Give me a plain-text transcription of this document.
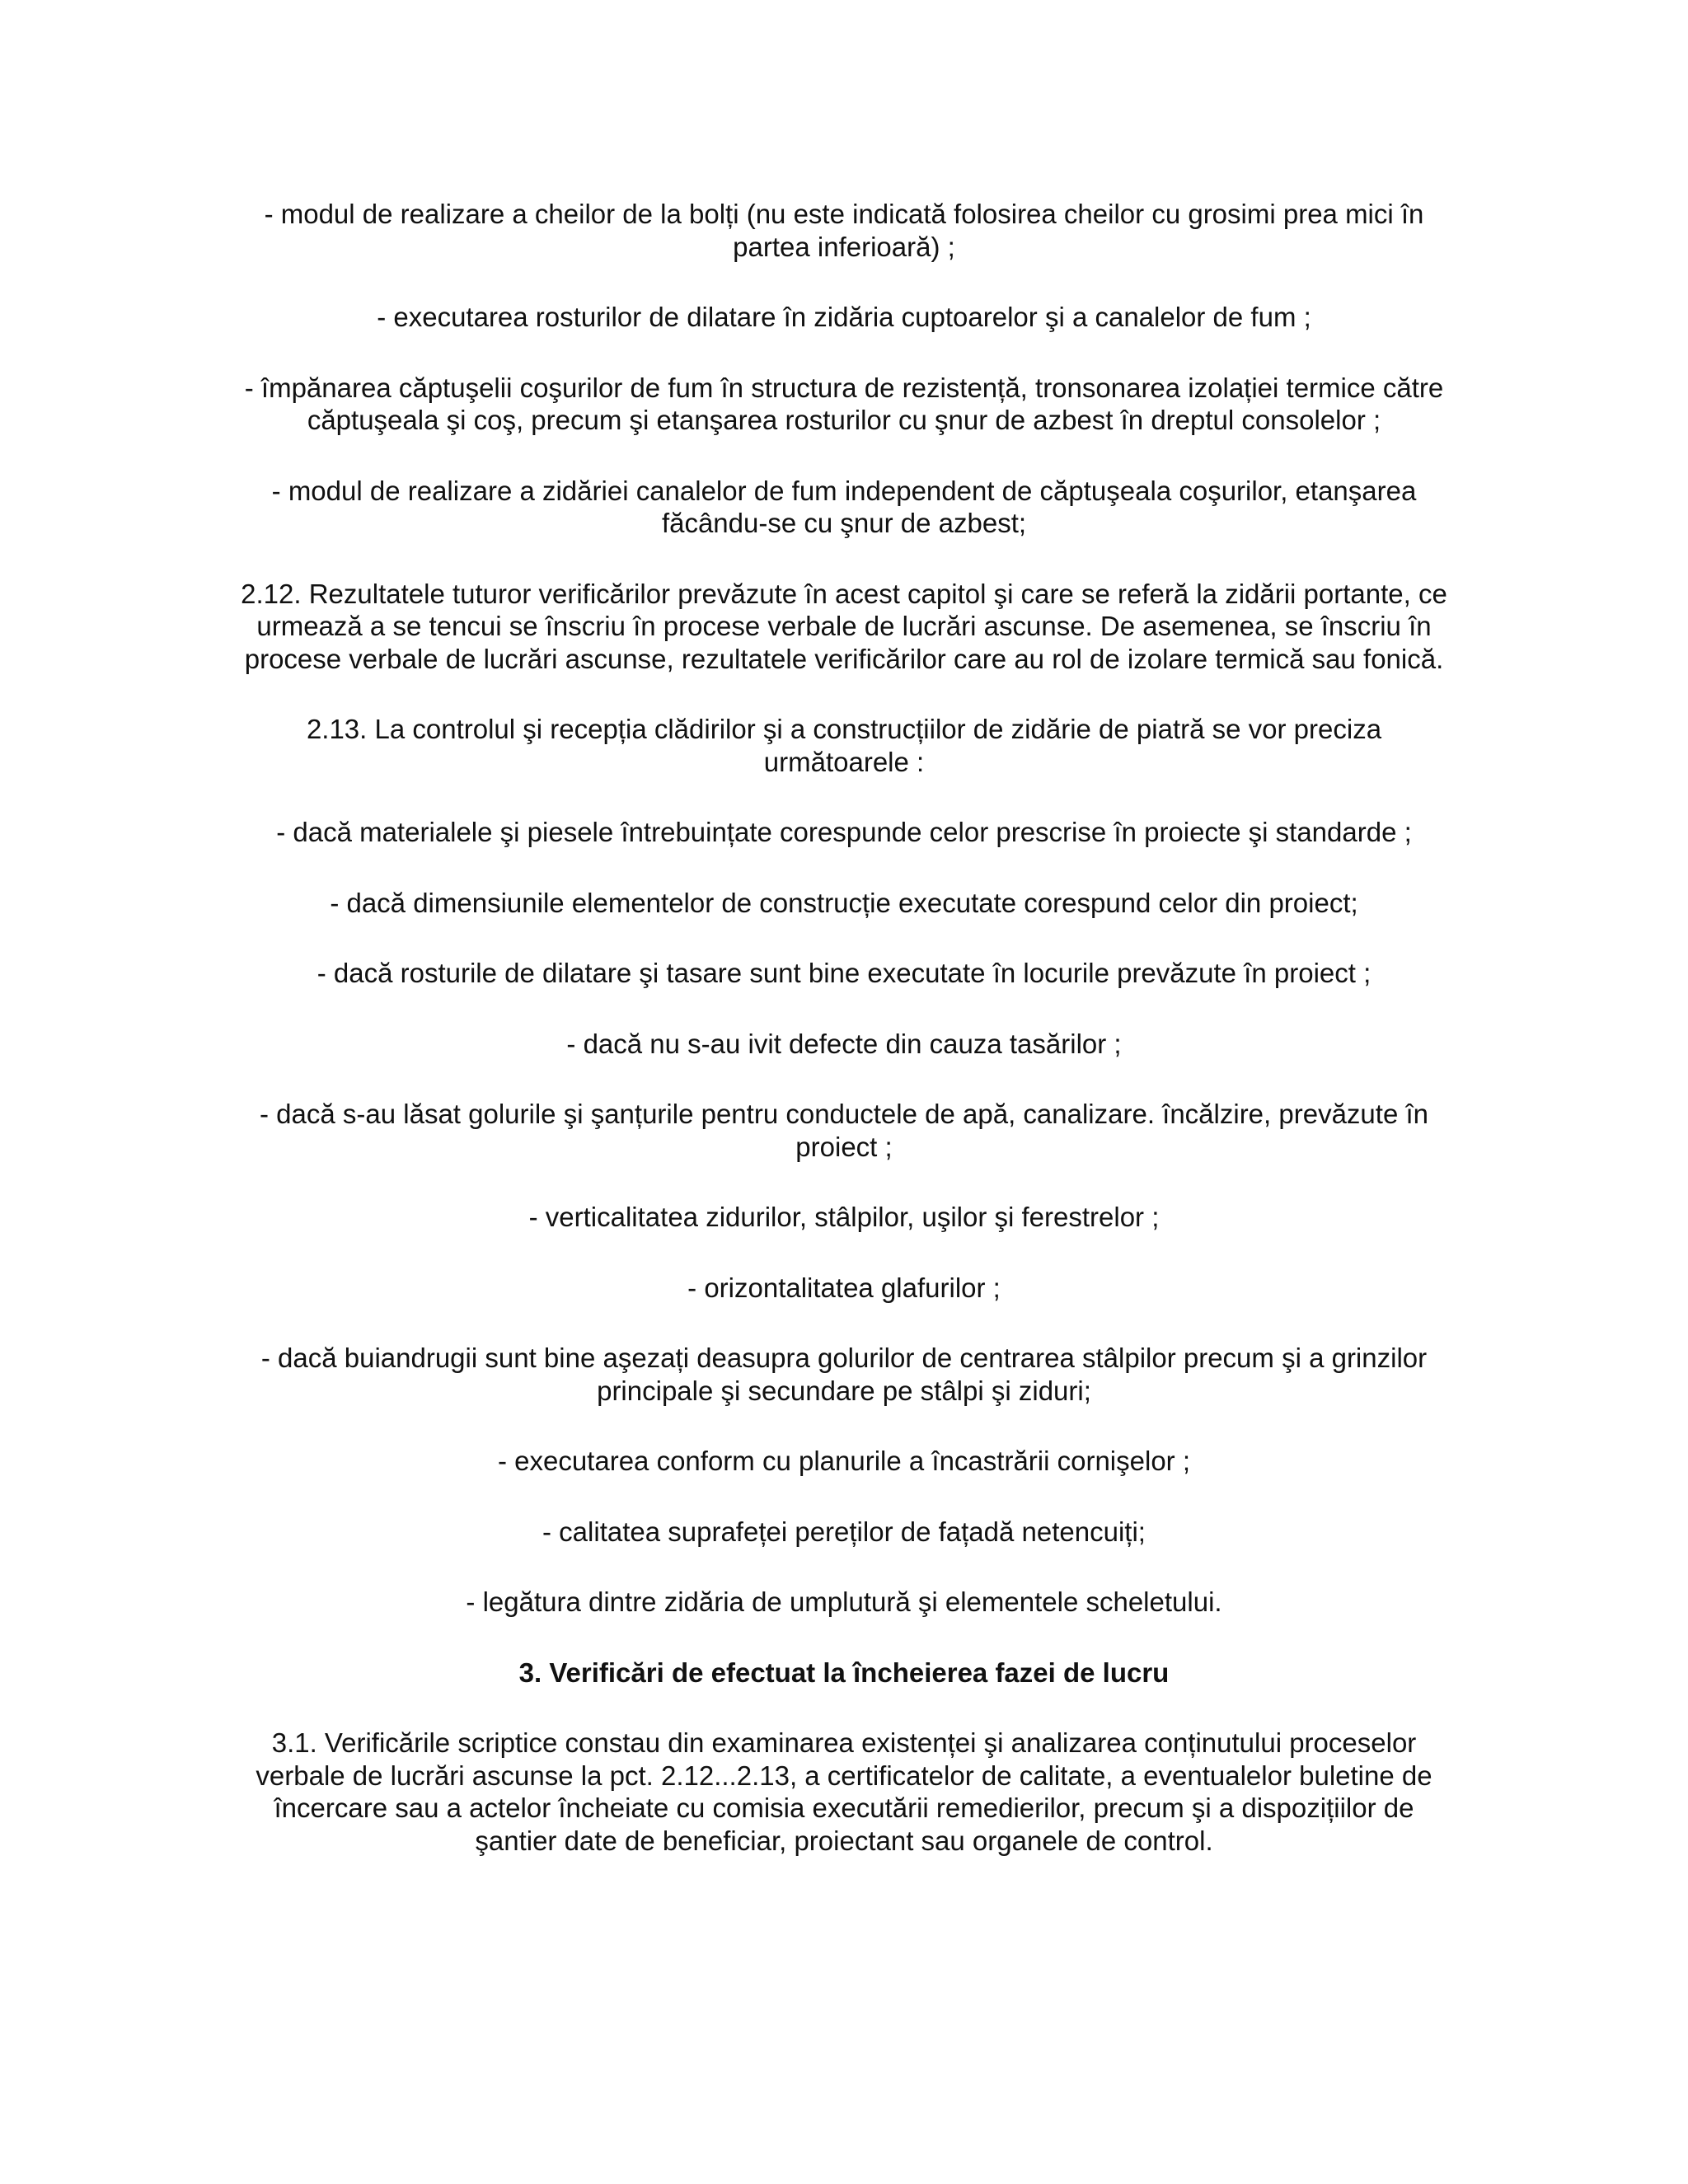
- modul de realizare a cheilor de la bolți (nu este indicată folosirea cheilor cu grosimi prea mici în partea inferioară) ;

- executarea rosturilor de dilatare în zidăria cuptoarelor şi a canalelor de fum ;

- împănarea căptuşelii coşurilor de fum în structura de rezistență, tronsonarea izolației termice către căptuşeala şi coş, precum şi etanşarea rosturilor cu şnur de azbest în dreptul consolelor ;

- modul de realizare a zidăriei canalelor de fum independent de căptuşeala coşurilor, etanşarea făcându-se cu şnur de azbest;

2.12. Rezultatele tuturor verificărilor prevăzute în acest capitol şi care se referă la zidării portante, ce urmează a se tencui se înscriu în procese verbale de lucrări ascunse. De asemenea, se înscriu în procese verbale de lucrări ascunse, rezultatele verificărilor care au rol de izolare termică sau fonică.

2.13. La controlul şi recepția clădirilor şi a construcțiilor de zidărie de piatră se vor preciza următoarele :

- dacă materialele şi piesele întrebuințate corespunde celor prescrise în proiecte şi standarde ;

- dacă dimensiunile elementelor de construcție executate corespund celor din proiect;

- dacă rosturile de dilatare şi tasare sunt bine executate în locurile prevăzute în proiect ;

- dacă nu s-au ivit defecte din cauza tasărilor ;

- dacă s-au lăsat golurile şi şanțurile pentru conductele de apă, canalizare. încălzire, prevăzute în proiect ;

- verticalitatea zidurilor, stâlpilor, uşilor şi ferestrelor ;

- orizontalitatea glafurilor ;

- dacă buiandrugii sunt bine aşezați deasupra golurilor de centrarea stâlpilor precum şi a grinzilor principale şi secundare pe stâlpi şi ziduri;

- executarea conform cu planurile a încastrării cornişelor ;

- calitatea suprafeței pereților de fațadă netencuiți;

- legătura dintre zidăria de umplutură şi elementele scheletului.

3. Verificări de efectuat la încheierea fazei de lucru

3.1. Verificările scriptice constau din examinarea existenței şi analizarea conținutului proceselor verbale de lucrări ascunse la pct. 2.12...2.13, a certificatelor de calitate, a eventualelor buletine de încercare sau a actelor încheiate cu comisia executării remedierilor, precum şi a dispozițiilor de şantier date de beneficiar, proiectant sau organele de control.
